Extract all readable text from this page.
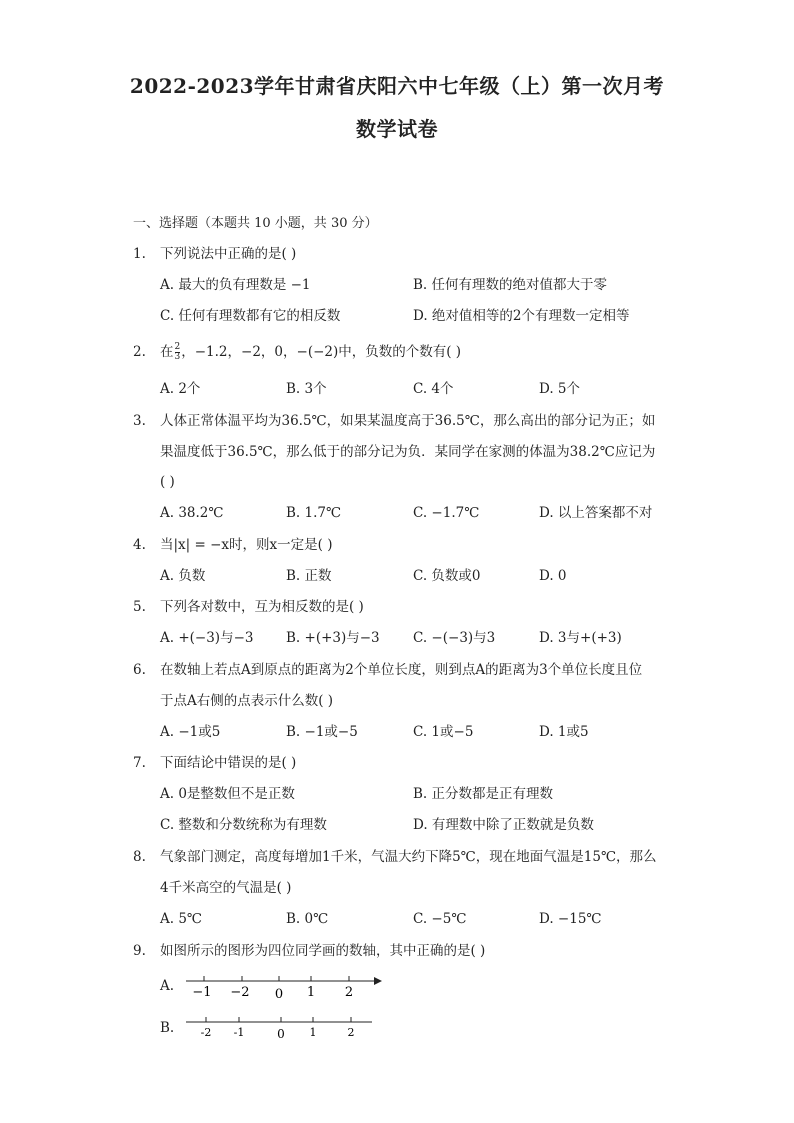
2022-2023学年甘肃省庆阳六中七年级（上）第一次月考
数学试卷
一、选择题（本题共 10 小题，共 30 分）
1.	下列说法中正确的是( )
A. 最大的负有理数是 −1	B. 任何有理数的绝对值都大于零
C. 任何有理数都有它的相反数	D. 绝对值相等的2个有理数一定相等
2.	在 $\frac{2}{3}$ ，−1.2，−2，0，−(−2)中，负数的个数有( )
A. 2个	B. 3个	C. 4个	D. 5个
3.	人体正常体温平均为36.5℃，如果某温度高于36.5℃，那么高出的部分记为正；如
果温度低于36.5℃，那么低于的部分记为负．某同学在家测的体温为38.2℃应记为
( )
A. 38.2℃	B. 1.7℃	C. −1.7℃	D. 以上答案都不对
4.	当|x| = −x时，则x一定是( )
A. 负数	B. 正数	C. 负数或0	D. 0
5.	下列各对数中，互为相反数的是( )
A. +(−3)与−3 B. +(+3)与−3 C. −(−3)与3	D. 3与+(+3)
6.	在数轴上若点A到原点的距离为2个单位长度，则到点A的距离为3个单位长度且位
于点A右侧的点表示什么数( )
A. −1或5	B. −1或−5	C. 1或−5	D. 1或5
7.	下面结论中错误的是( )
A. 0是整数但不是正数	B. 正分数都是正有理数
C. 整数和分数统称为有理数	D. 有理数中除了正数就是负数
8.	气象部门测定，高度每增加1千米，气温大约下降5℃，现在地面气温是15℃，那么
4千米高空的气温是( )
A. 5℃	B. 0℃	C. −5℃	D. −15℃
9.	如图所示的图形为四位同学画的数轴，其中正确的是( )
A.
B.
−1 −2 0 1 2
-2 -1	0 1	2
